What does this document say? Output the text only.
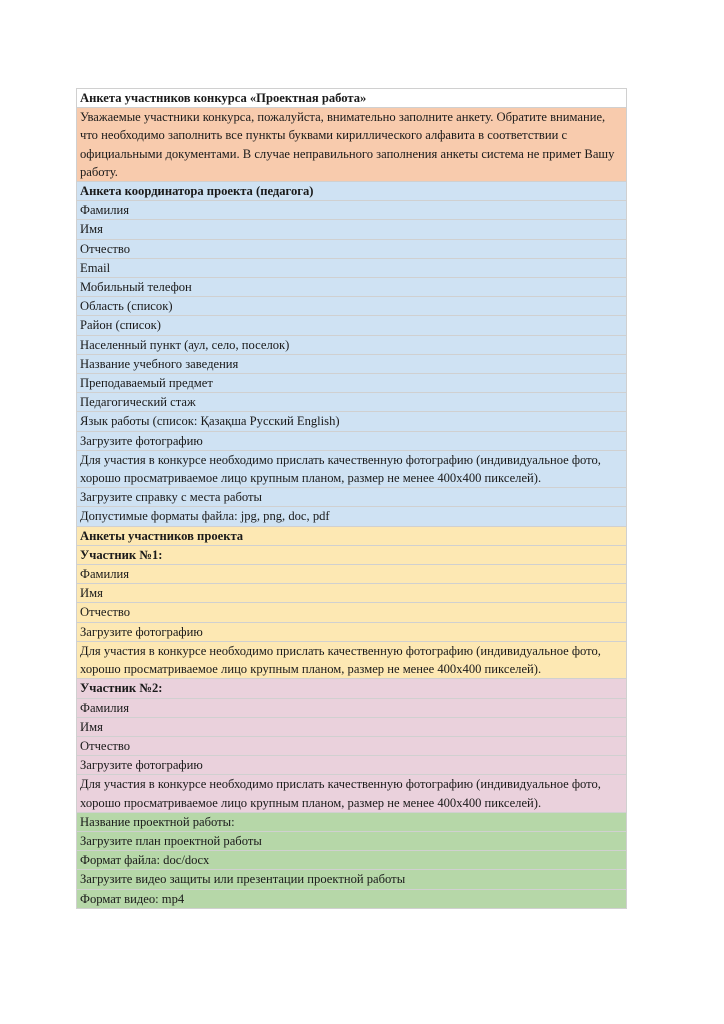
Анкета участников конкурса «Проектная работа»
Уважаемые участники конкурса, пожалуйста, внимательно заполните анкету. Обратите внимание, что необходимо заполнить все пункты буквами кириллического алфавита в соответствии с официальными документами. В случае неправильного заполнения анкеты система не примет Вашу работу.
Анкета координатора проекта (педагога)
Фамилия
Имя
Отчество
Email
Мобильный телефон
Область (список)
Район (список)
Населенный пункт (аул, село, поселок)
Название учебного заведения
Преподаваемый предмет
Педагогический стаж
Язык работы (список: Қазақша Русский English)
Загрузите фотографию
Для участия в конкурсе необходимо прислать качественную фотографию (индивидуальное фото, хорошо просматриваемое лицо крупным планом, размер не менее 400х400 пикселей).
Загрузите справку с места работы
Допустимые форматы файла: jpg, png, doc, pdf
Анкеты участников проекта
Участник №1:
Фамилия
Имя
Отчество
Загрузите фотографию
Для участия в конкурсе необходимо прислать качественную фотографию (индивидуальное фото, хорошо просматриваемое лицо крупным планом, размер не менее 400х400 пикселей).
Участник №2:
Фамилия
Имя
Отчество
Загрузите фотографию
Для участия в конкурсе необходимо прислать качественную фотографию (индивидуальное фото, хорошо просматриваемое лицо крупным планом, размер не менее 400х400 пикселей).
Название проектной работы:
Загрузите план проектной работы
Формат файла: doc/docx
Загрузите видео защиты или презентации проектной работы
Формат видео: mp4
